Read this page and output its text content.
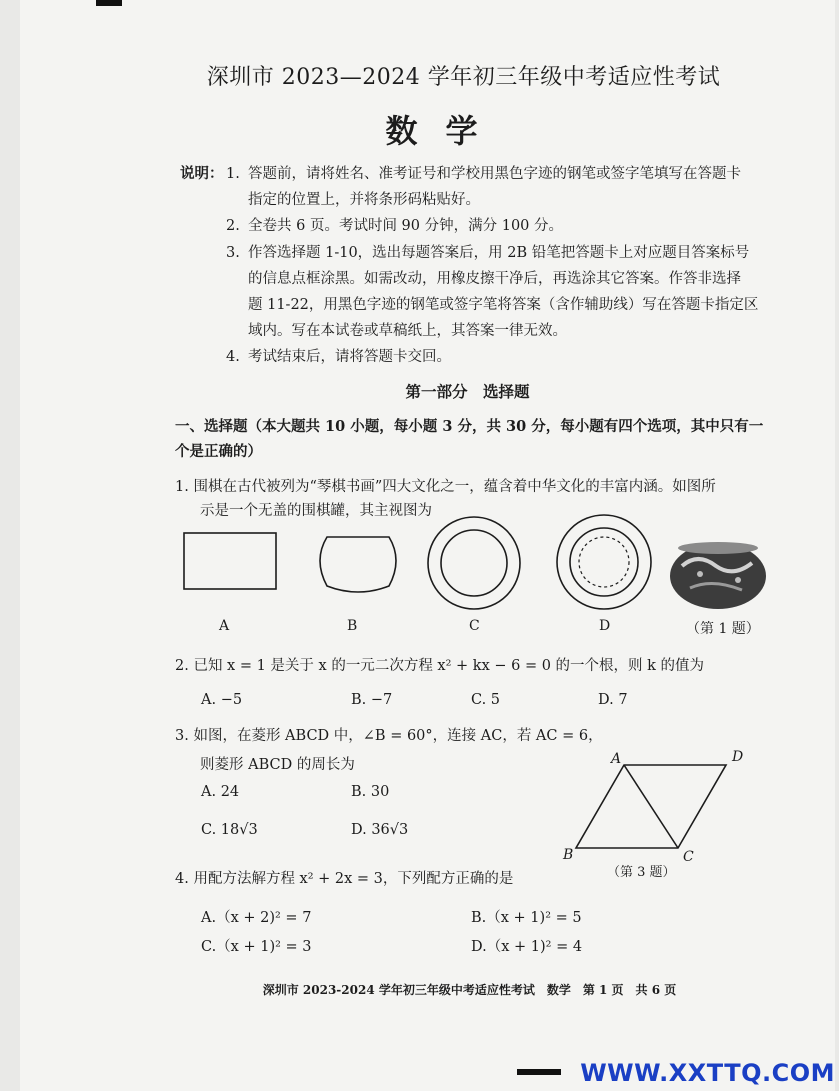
深圳市 2023—2024 学年初三年级中考适应性考试
数学
说明： 1. 答题前，请将姓名、准考证号和学校用黑色字迹的钢笔或签字笔填写在答题卡
指定的位置上，并将条形码粘贴好。
2. 全卷共 6 页。考试时间 90 分钟，满分 100 分。
3. 作答选择题 1-10，选出每题答案后，用 2B 铅笔把答题卡上对应题目答案标号
的信息点框涂黑。如需改动，用橡皮擦干净后，再选涂其它答案。作答非选择
题 11-22，用黑色字迹的钢笔或签字笔将答案（含作辅助线）写在答题卡指定区
域内。写在本试卷或草稿纸上，其答案一律无效。
4. 考试结束后，请将答题卡交回。
第一部分　选择题
一、选择题（本大题共 10 小题，每小题 3 分，共 30 分，每小题有四个选项，其中只有一
个是正确的）
1. 围棋在古代被列为“琴棋书画”四大文化之一，蕴含着中华文化的丰富内涵。如图所
示是一个无盖的围棋罐，其主视图为
A	B	C	D	（第 1 题）
2. 已知 x = 1 是关于 x 的一元二次方程 x² + kx − 6 = 0 的一个根，则 k 的值为
A. −5	B. −7	C. 5	D. 7
3. 如图，在菱形 ABCD 中，∠B = 60°，连接 AC，若 AC = 6，
则菱形 ABCD 的周长为
A. 24	B. 30
C. 18√3	D. 36√3
A	D
B	C
（第 3 题）
4. 用配方法解方程 x² + 2x = 3，下列配方正确的是
A.（x + 2)² = 7	B.（x + 1)² = 5
C.（x + 1)² = 3	D.（x + 1)² = 4
深圳市 2023-2024 学年初三年级中考适应性考试　数学　第 1 页　共 6 页
WWW.XXTTQ.COM
